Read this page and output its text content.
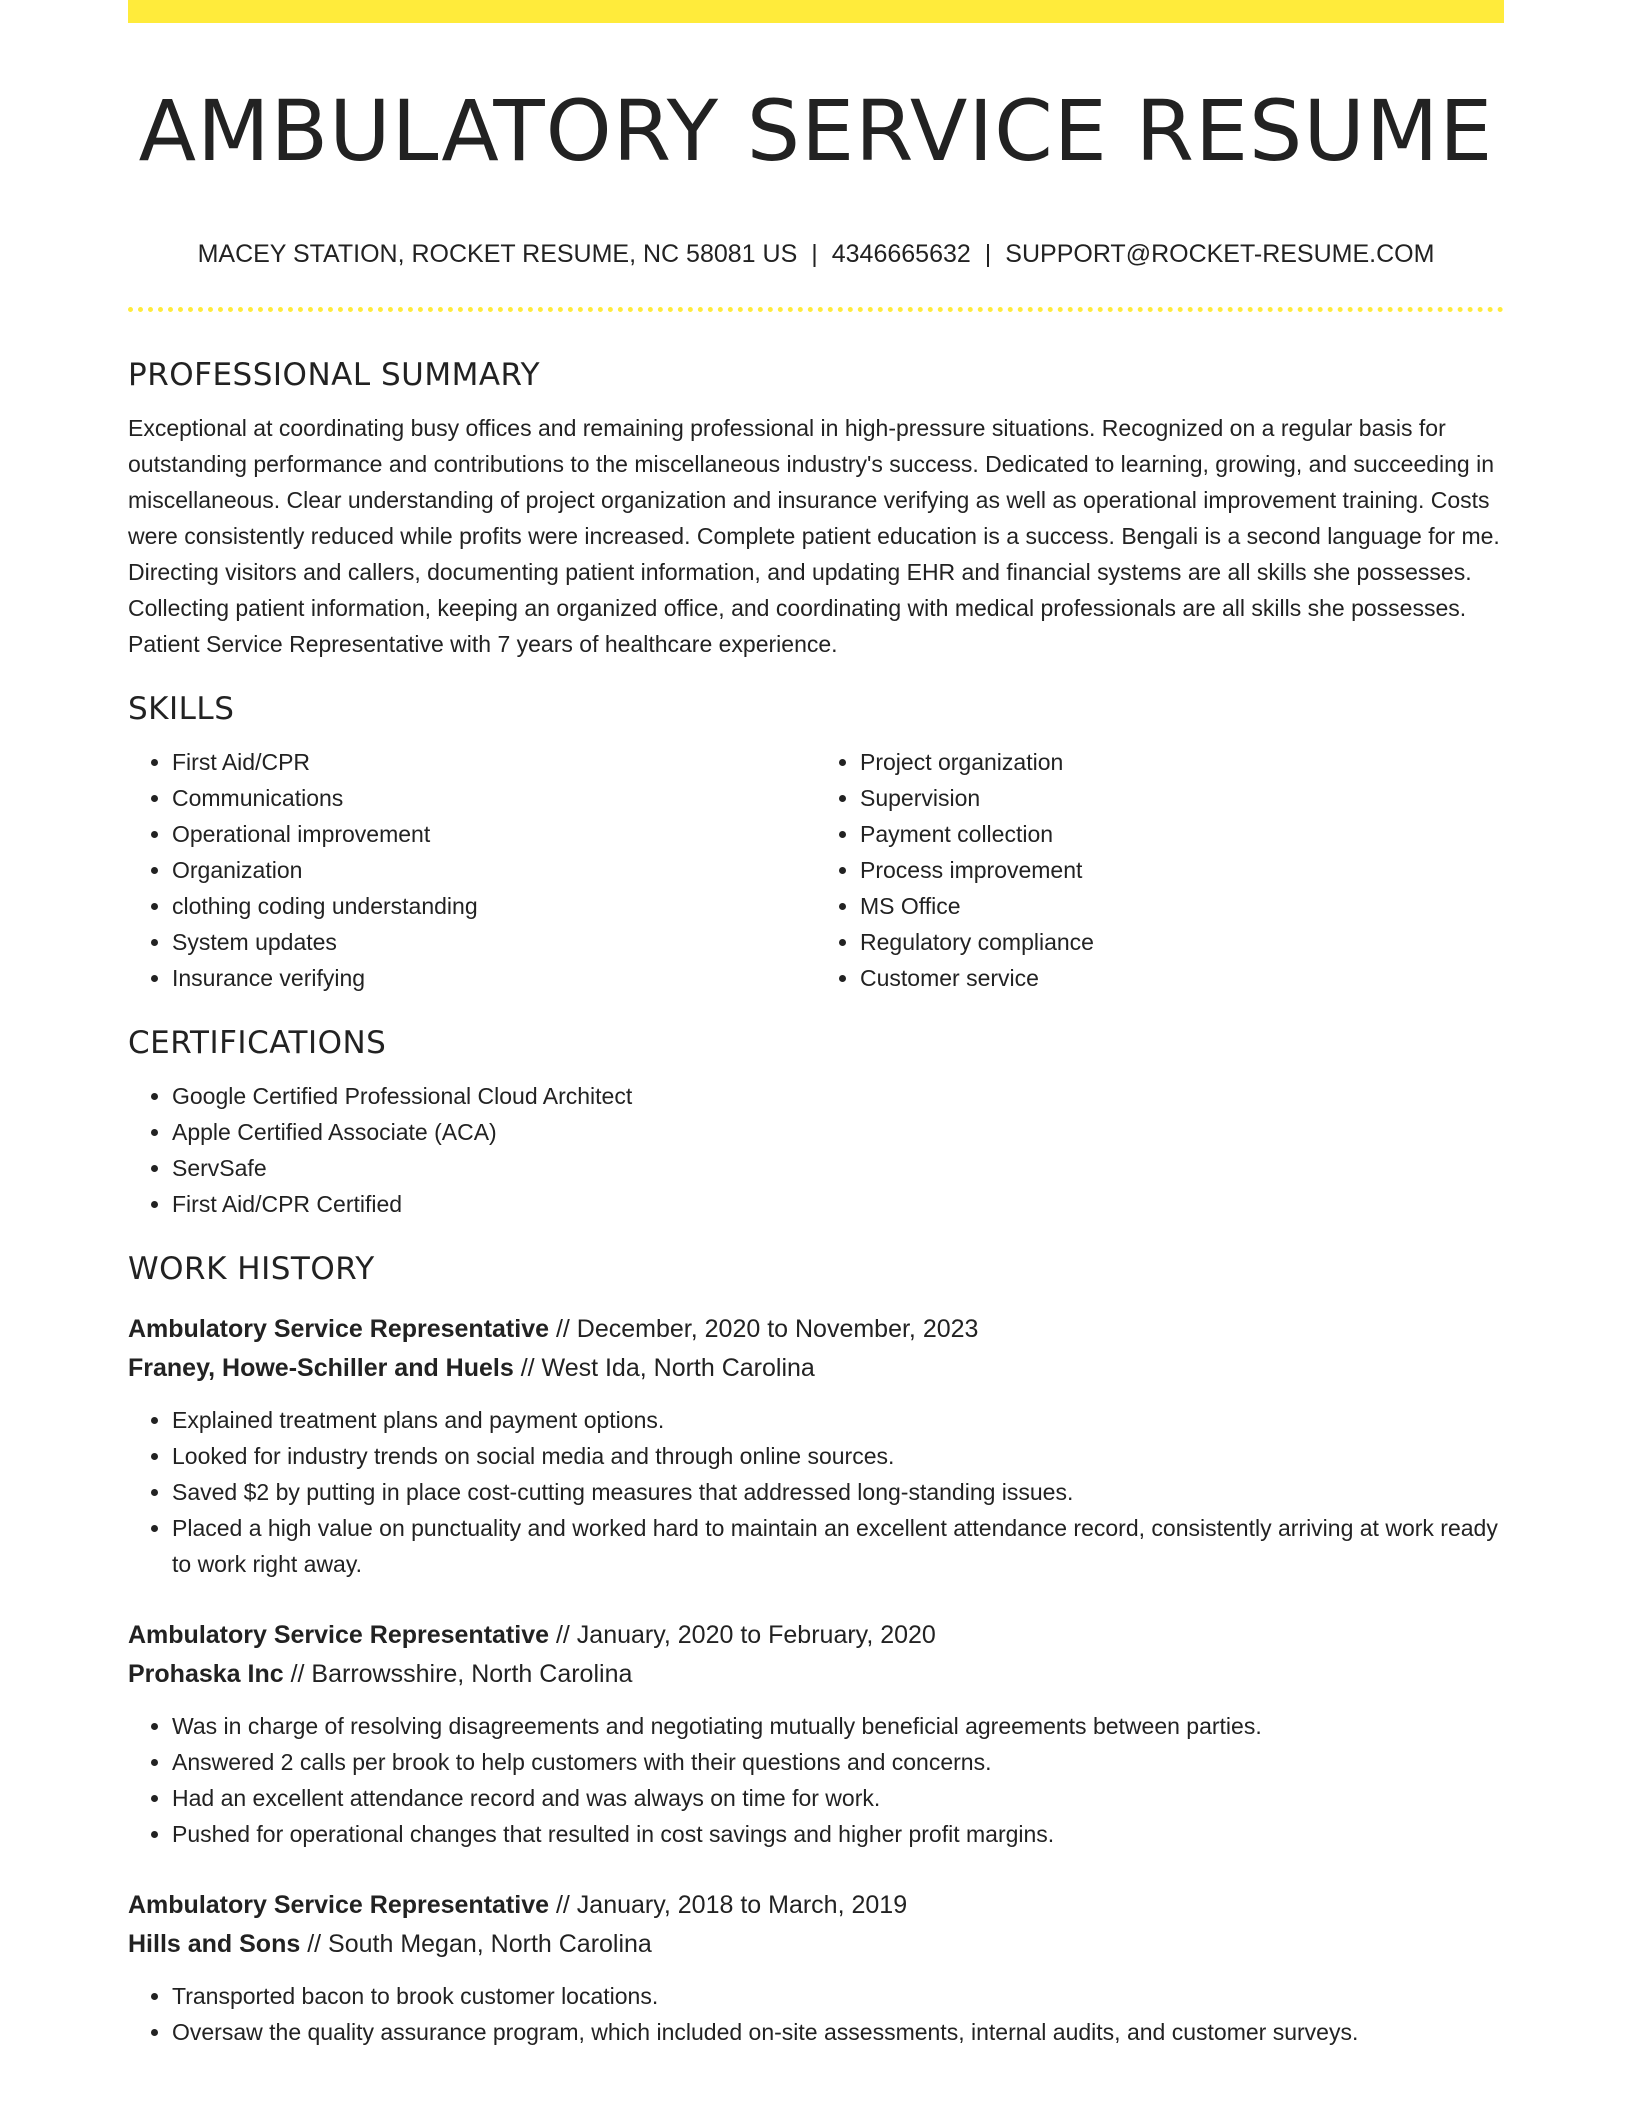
AMBULATORY SERVICE RESUME
MACEY STATION, ROCKET RESUME, NC 58081 US | 4346665632 | SUPPORT@ROCKET-RESUME.COM
PROFESSIONAL SUMMARY

Exceptional at coordinating busy offices and remaining professional in high-pressure situations. Recognized on a regular basis for outstanding performance and contributions to the miscellaneous industry's success. Dedicated to learning, growing, and succeeding in miscellaneous. Clear understanding of project organization and insurance verifying as well as operational improvement training. Costs were consistently reduced while profits were increased. Complete patient education is a success. Bengali is a second language for me. Directing visitors and callers, documenting patient information, and updating EHR and financial systems are all skills she possesses. Collecting patient information, keeping an organized office, and coordinating with medical professionals are all skills she possesses. Patient Service Representative with 7 years of healthcare experience.

SKILLS
• First Aid/CPR
• Communications
• Operational improvement
• Organization
• clothing coding understanding
• System updates
• Insurance verifying
• Project organization
• Supervision
• Payment collection
• Process improvement
• MS Office
• Regulatory compliance
• Customer service
CERTIFICATIONS
• Google Certified Professional Cloud Architect
• Apple Certified Associate (ACA)
• ServSafe
• First Aid/CPR Certified
WORK HISTORY
Ambulatory Service Representative // December, 2020 to November, 2023
Franey, Howe-Schiller and Huels // West Ida, North Carolina
• Explained treatment plans and payment options.
• Looked for industry trends on social media and through online sources.
• Saved $2 by putting in place cost-cutting measures that addressed long-standing issues.
• Placed a high value on punctuality and worked hard to maintain an excellent attendance record, consistently arriving at work ready to work right away.
Ambulatory Service Representative // January, 2020 to February, 2020
Prohaska Inc // Barrowsshire, North Carolina
• Was in charge of resolving disagreements and negotiating mutually beneficial agreements between parties.
• Answered 2 calls per brook to help customers with their questions and concerns.
• Had an excellent attendance record and was always on time for work.
• Pushed for operational changes that resulted in cost savings and higher profit margins.
Ambulatory Service Representative // January, 2018 to March, 2019
Hills and Sons // South Megan, North Carolina
• Transported bacon to brook customer locations.
• Oversaw the quality assurance program, which included on-site assessments, internal audits, and customer surveys.
